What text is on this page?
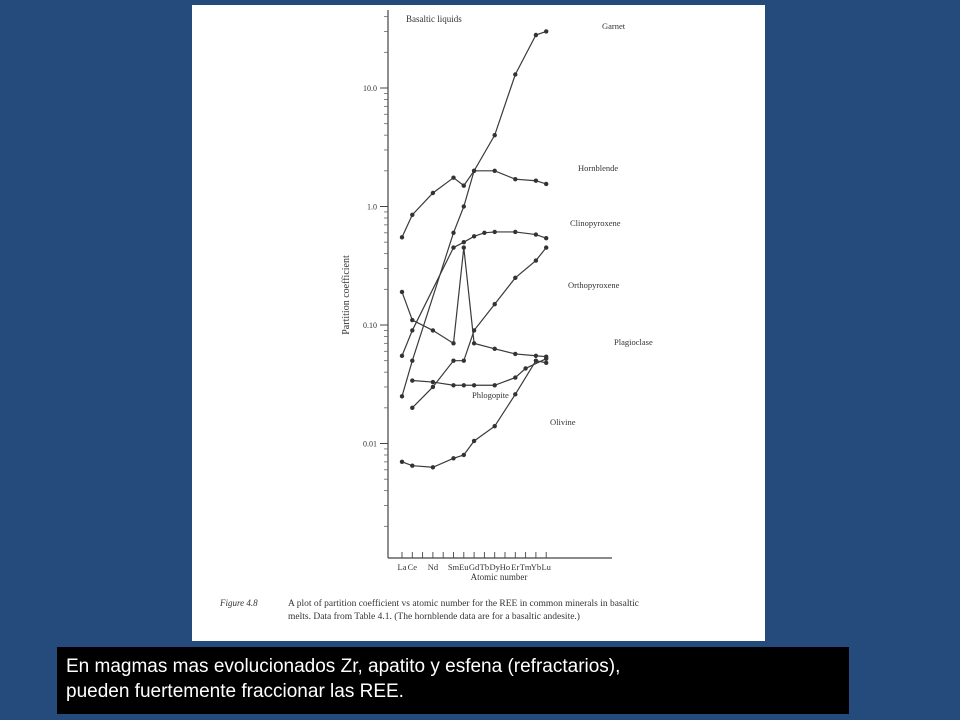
10.0
1.0
0.10
0.01
La Ce Nd Sm Eu Gd Tb Dy Ho Er Tm Yb Lu
Garnet
Hornblende
Clinopyroxene
Orthopyroxene
Plagioclase
Phlogopite
Olivine
Basaltic liquids
Partition coefficient
Atomic number
Figure 4.8	A plot of partition coefficient vs atomic number for the REE in common minerals in basaltic
melts. Data from Table 4.1. (The hornblende data are for a basaltic andesite.)
En magmas mas evolucionados Zr, apatito y esfena (refractarios),
pueden fuertemente fraccionar las REE.
